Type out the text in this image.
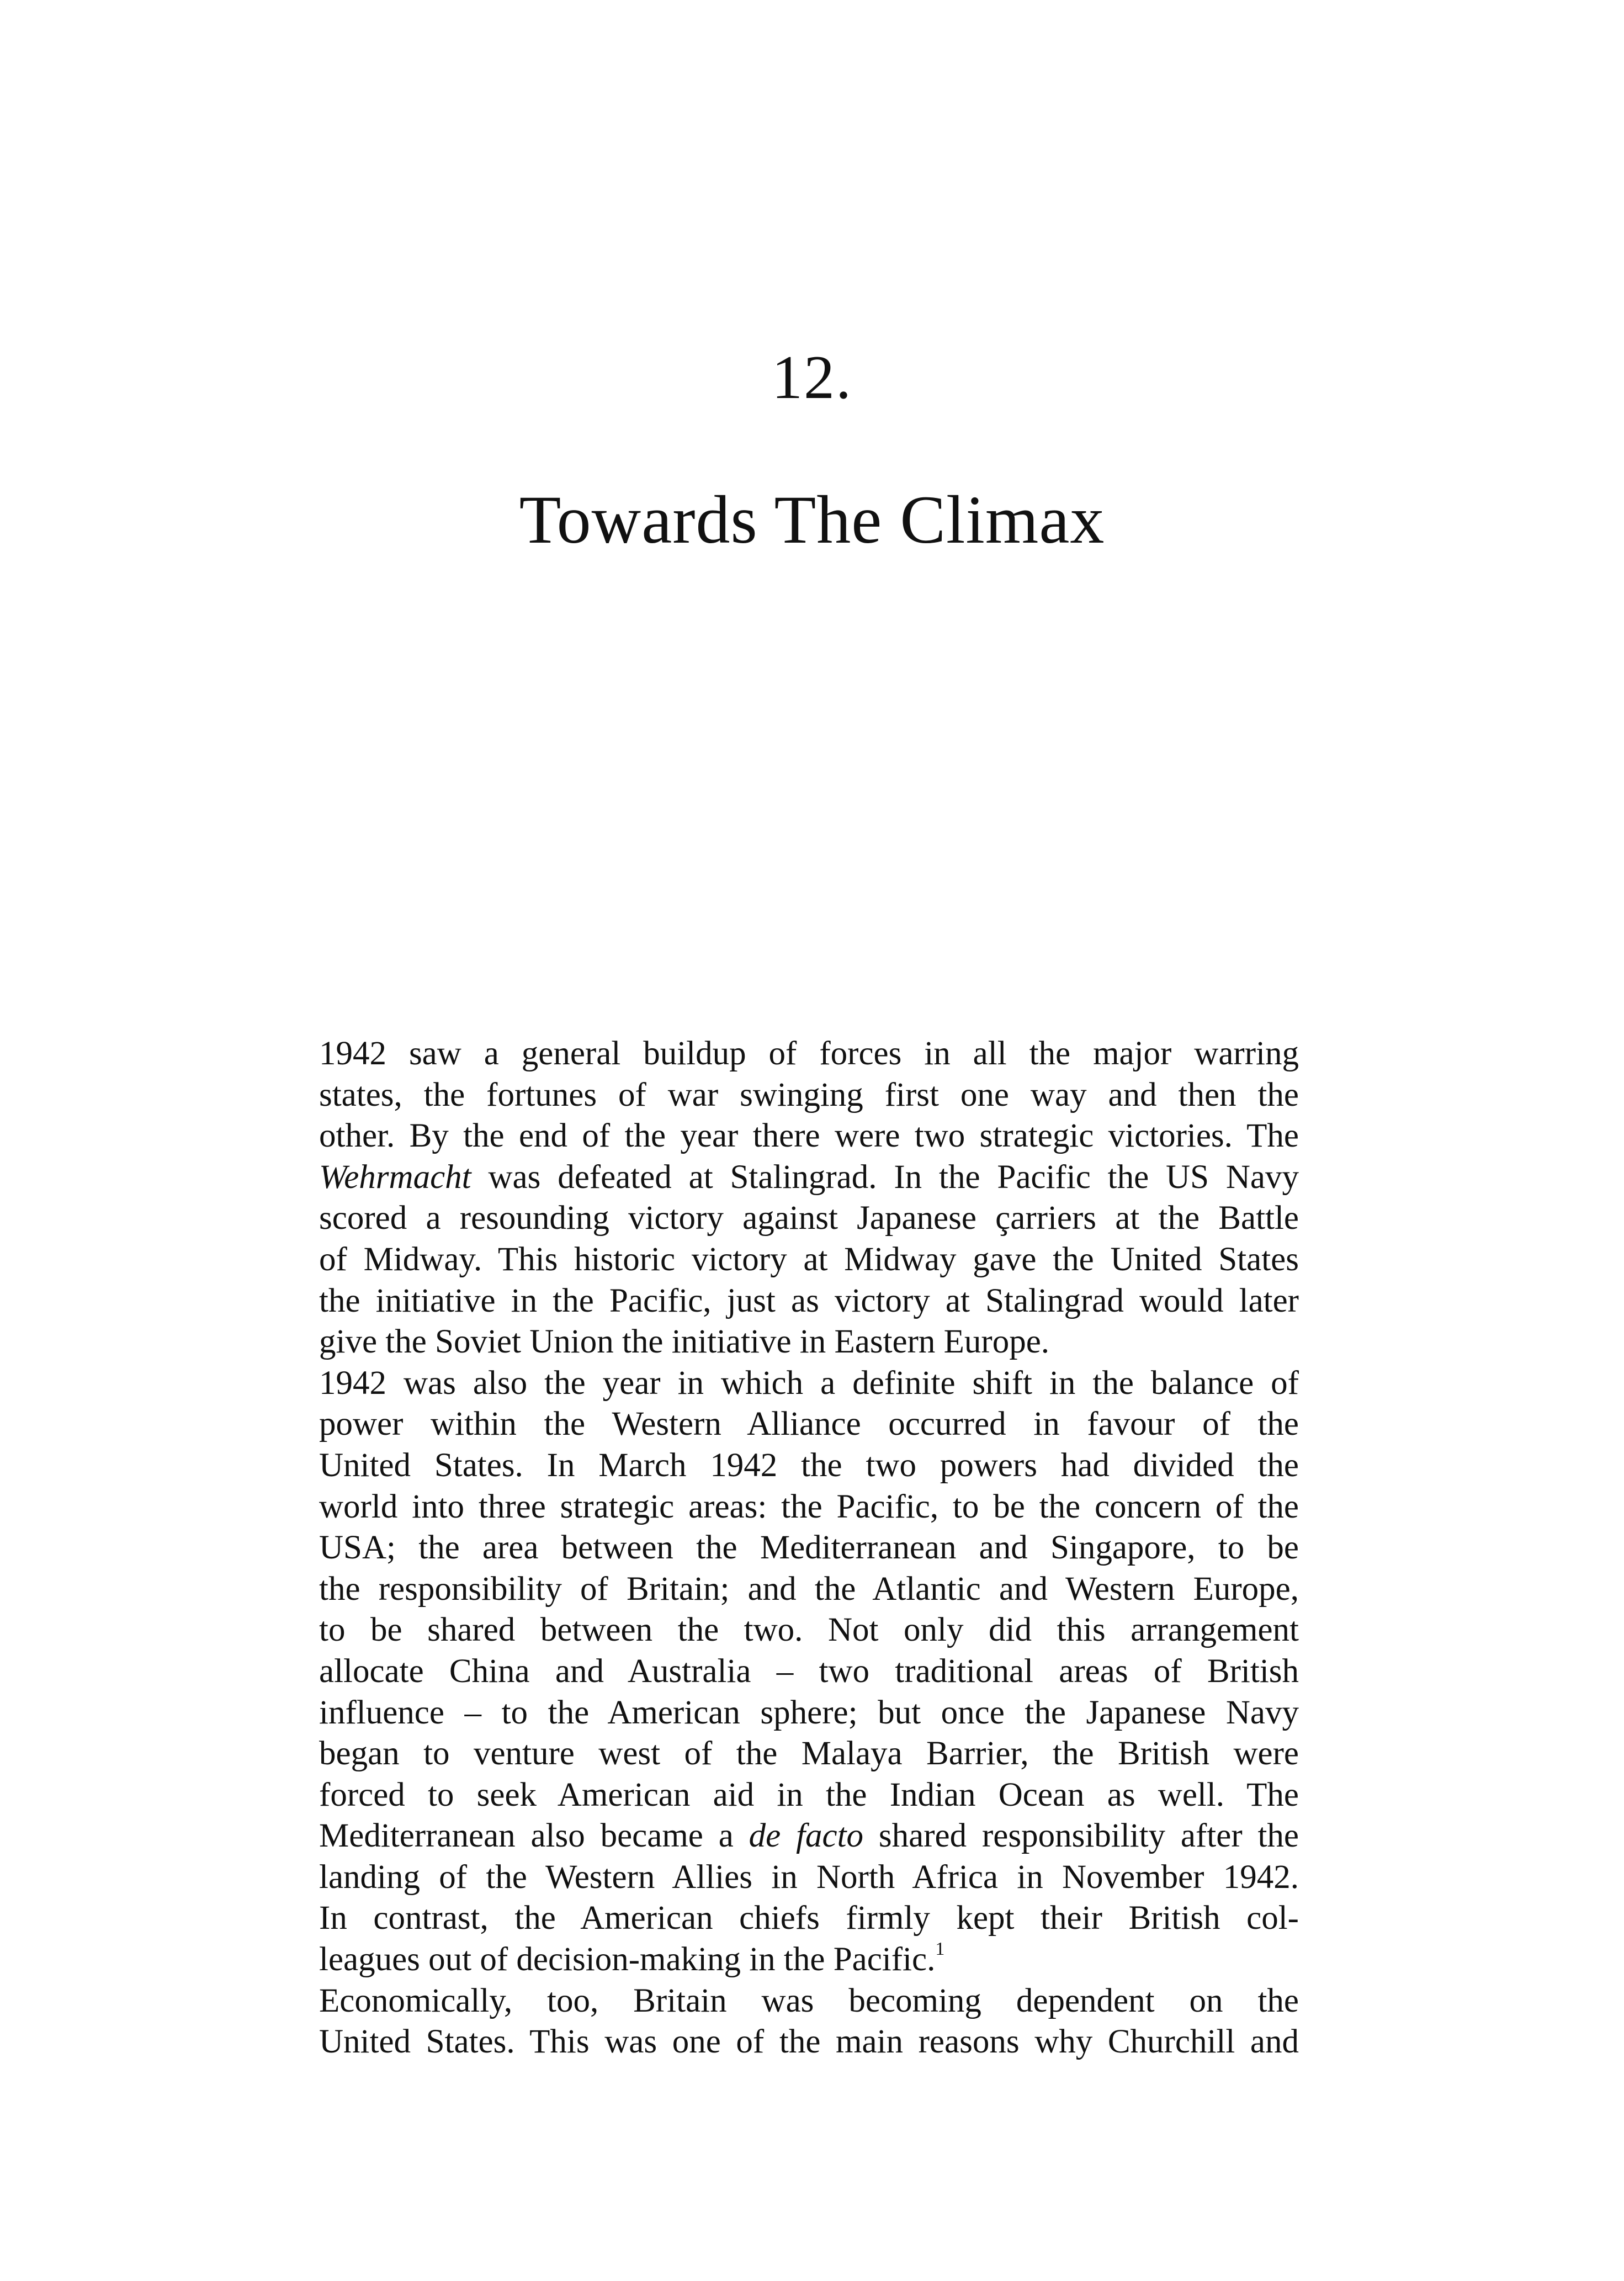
12.
Towards The Climax

1942 saw a general buildup of forces in all the major warring
states, the fortunes of war swinging first one way and then the
other. By the end of the year there were two strategic victories. The
Wehrmacht was defeated at Stalingrad. In the Pacific the US Navy
scored a resounding victory against Japanese çarriers at the Battle
of Midway. This historic victory at Midway gave the United States
the initiative in the Pacific, just as victory at Stalingrad would later
give the Soviet Union the initiative in Eastern Europe.

1942 was also the year in which a definite shift in the balance of
power within the Western Alliance occurred in favour of the
United States. In March 1942 the two powers had divided the
world into three strategic areas: the Pacific, to be the concern of the
USA; the area between the Mediterranean and Singapore, to be
the responsibility of Britain; and the Atlantic and Western Europe,
to be shared between the two. Not only did this arrangement
allocate China and Australia – two traditional areas of British
influence – to the American sphere; but once the Japanese Navy
began to venture west of the Malaya Barrier, the British were
forced to seek American aid in the Indian Ocean as well. The
Mediterranean also became a de facto shared responsibility after the
landing of the Western Allies in North Africa in November 1942.
In contrast, the American chiefs firmly kept their British col-
leagues out of decision-making in the Pacific.$^1$

Economically, too, Britain was becoming dependent on the
United States. This was one of the main reasons why Churchill and
